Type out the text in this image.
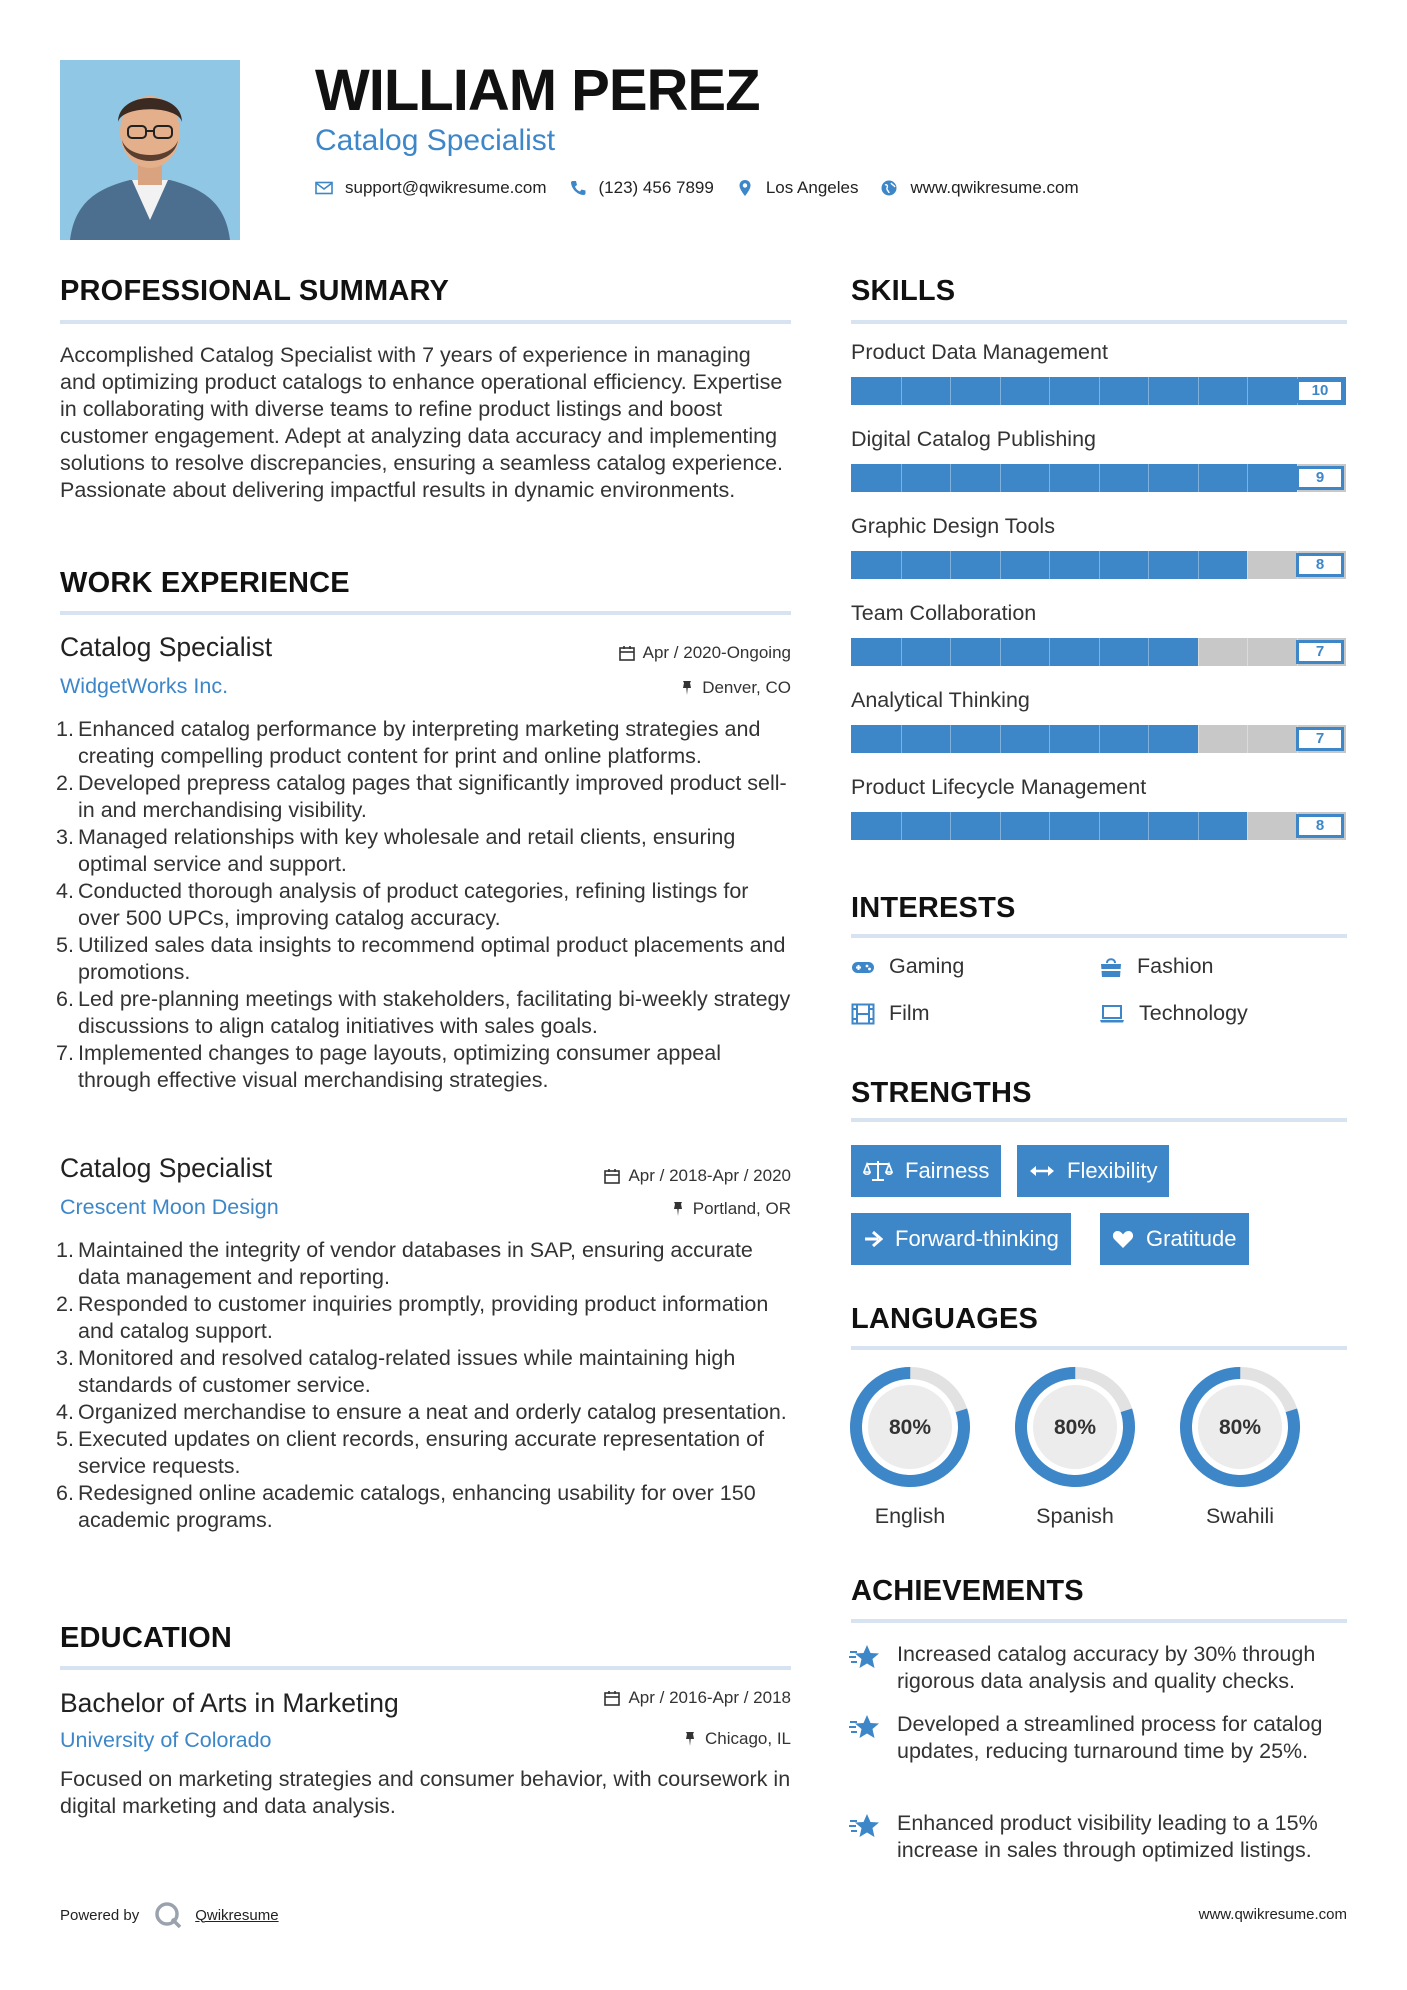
WILLIAM PEREZ
Catalog Specialist
support@qwikresume.com	(123) 456 7899	Los Angeles	www.qwikresume.com
PROFESSIONAL SUMMARY
Accomplished Catalog Specialist with 7 years of experience in managing and optimizing product catalogs to enhance operational efficiency. Expertise in collaborating with diverse teams to refine product listings and boost customer engagement. Adept at analyzing data accuracy and implementing solutions to resolve discrepancies, ensuring a seamless catalog experience. Passionate about delivering impactful results in dynamic environments.
WORK EXPERIENCE
Catalog Specialist	Apr / 2020-Ongoing
WidgetWorks Inc.	Denver, CO
1. Enhanced catalog performance by interpreting marketing strategies and creating compelling product content for print and online platforms.
2. Developed prepress catalog pages that significantly improved product sell-in and merchandising visibility.
3. Managed relationships with key wholesale and retail clients, ensuring optimal service and support.
4. Conducted thorough analysis of product categories, refining listings for over 500 UPCs, improving catalog accuracy.
5. Utilized sales data insights to recommend optimal product placements and promotions.
6. Led pre-planning meetings with stakeholders, facilitating bi-weekly strategy discussions to align catalog initiatives with sales goals.
7. Implemented changes to page layouts, optimizing consumer appeal through effective visual merchandising strategies.
Catalog Specialist	Apr / 2018-Apr / 2020
Crescent Moon Design	Portland, OR
1. Maintained the integrity of vendor databases in SAP, ensuring accurate data management and reporting.
2. Responded to customer inquiries promptly, providing product information and catalog support.
3. Monitored and resolved catalog-related issues while maintaining high standards of customer service.
4. Organized merchandise to ensure a neat and orderly catalog presentation.
5. Executed updates on client records, ensuring accurate representation of service requests.
6. Redesigned online academic catalogs, enhancing usability for over 150 academic programs.
EDUCATION
Bachelor of Arts in Marketing	Apr / 2016-Apr / 2018
University of Colorado	Chicago, IL
Focused on marketing strategies and consumer behavior, with coursework in digital marketing and data analysis.
SKILLS
Product Data Management
10
Digital Catalog Publishing
9
Graphic Design Tools
8
Team Collaboration
7
Analytical Thinking
7
Product Lifecycle Management
8
INTERESTS
Gaming	Fashion
Film	Technology
STRENGTHS
Fairness	Flexibility
Forward-thinking	Gratitude
LANGUAGES
80%
English
80%
Spanish
80%
Swahili
ACHIEVEMENTS
Increased catalog accuracy by 30% through rigorous data analysis and quality checks.
Developed a streamlined process for catalog updates, reducing turnaround time by 25%.
Enhanced product visibility leading to a 15% increase in sales through optimized listings.
Powered by	Qwikresume	www.qwikresume.com
